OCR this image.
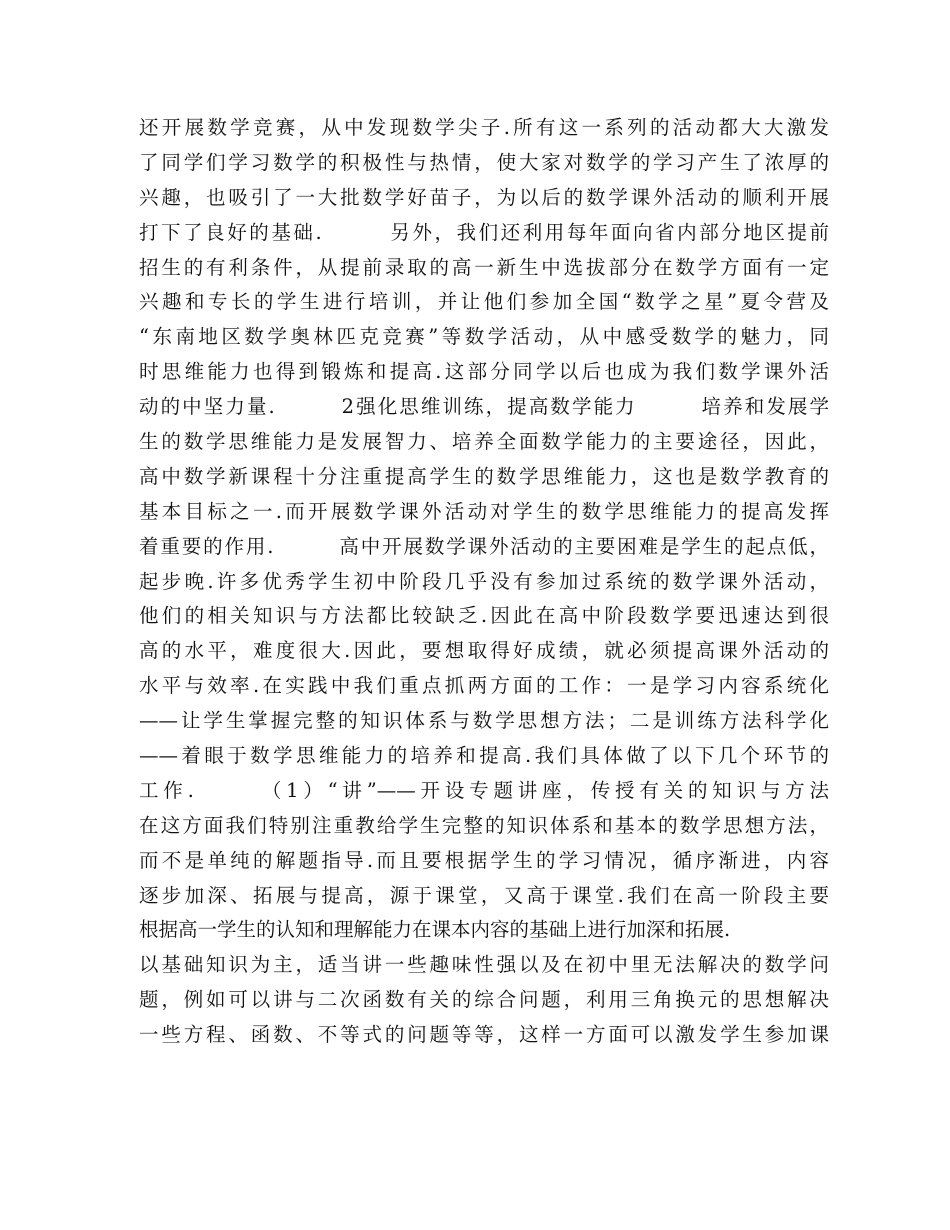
还开展数学竞赛，从中发现数学尖子.所有这一系列的活动都大大激发
了同学们学习数学的积极性与热情，使大家对数学的学习产生了浓厚的
兴趣，也吸引了一大批数学好苗子，为以后的数学课外活动的顺利开展
打下了良好的基础.　　　另外，我们还利用每年面向省内部分地区提前
招生的有利条件，从提前录取的高一新生中选拔部分在数学方面有一定
兴趣和专长的学生进行培训，并让他们参加全国“数学之星”夏令营及
“东南地区数学奥林匹克竞赛”等数学活动，从中感受数学的魅力，同
时思维能力也得到锻炼和提高.这部分同学以后也成为我们数学课外活
动的中坚力量.　　　2强化思维训练，提高数学能力　　　培养和发展学
生的数学思维能力是发展智力、培养全面数学能力的主要途径，因此，
高中数学新课程十分注重提高学生的数学思维能力，这也是数学教育的
基本目标之一.而开展数学课外活动对学生的数学思维能力的提高发挥
着重要的作用.　　　高中开展数学课外活动的主要困难是学生的起点低，
起步晚.许多优秀学生初中阶段几乎没有参加过系统的数学课外活动，
他们的相关知识与方法都比较缺乏.因此在高中阶段数学要迅速达到很
高的水平，难度很大.因此，要想取得好成绩，就必须提高课外活动的
水平与效率.在实践中我们重点抓两方面的工作：一是学习内容系统化
——让学生掌握完整的知识体系与数学思想方法；二是训练方法科学化
——着眼于数学思维能力的培养和提高.我们具体做了以下几个环节的
工作.　　　（1）“讲”——开设专题讲座，传授有关的知识与方法
在这方面我们特别注重教给学生完整的知识体系和基本的数学思想方法，
而不是单纯的解题指导.而且要根据学生的学习情况，循序渐进，内容
逐步加深、拓展与提高，源于课堂，又高于课堂.我们在高一阶段主要
根据高一学生的认知和理解能力在课本内容的基础上进行加深和拓展.
以基础知识为主，适当讲一些趣味性强以及在初中里无法解决的数学问
题，例如可以讲与二次函数有关的综合问题，利用三角换元的思想解决
一些方程、函数、不等式的问题等等，这样一方面可以激发学生参加课
